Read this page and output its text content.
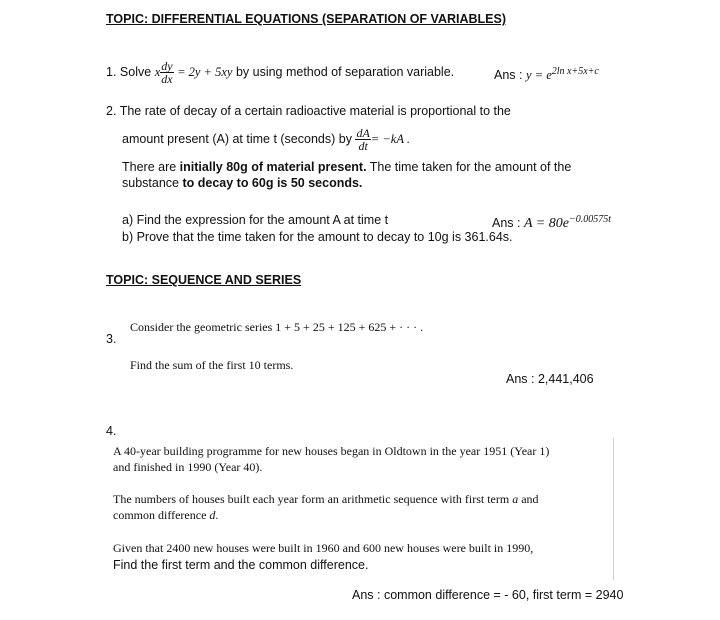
TOPIC: DIFFERENTIAL EQUATIONS (SEPARATION OF VARIABLES)
1. Solve x $\frac{dy}{dx} = 2y + 5xy$ by using method of separation variable.	Ans : $y = e^{2ln x+5x+c}$
2. The rate of decay of a certain radioactive material is proportional to the
amount present (A) at time t (seconds) by $\frac{dA}{dt} = -kA$ .
There are initially 80g of material present. The time taken for the amount of the
substance to decay to 60g is 50 seconds.
a) Find the expression for the amount A at time t	Ans : $A = 80e^{-0.00575t}$
b) Prove that the time taken for the amount to decay to 10g is 361.64s.
TOPIC: SEQUENCE AND SERIES
Consider the geometric series 1 + 5 + 25 + 125 + 625 + · · · .
3.
Find the sum of the first 10 terms.
Ans : 2,441,406
4.
A 40-year building programme for new houses began in Oldtown in the year 1951 (Year 1)
and finished in 1990 (Year 40).
The numbers of houses built each year form an arithmetic sequence with first term a and
common difference d.
Given that 2400 new houses were built in 1960 and 600 new houses were built in 1990,
Find the first term and the common difference.
Ans : common difference = - 60, first term = 2940
